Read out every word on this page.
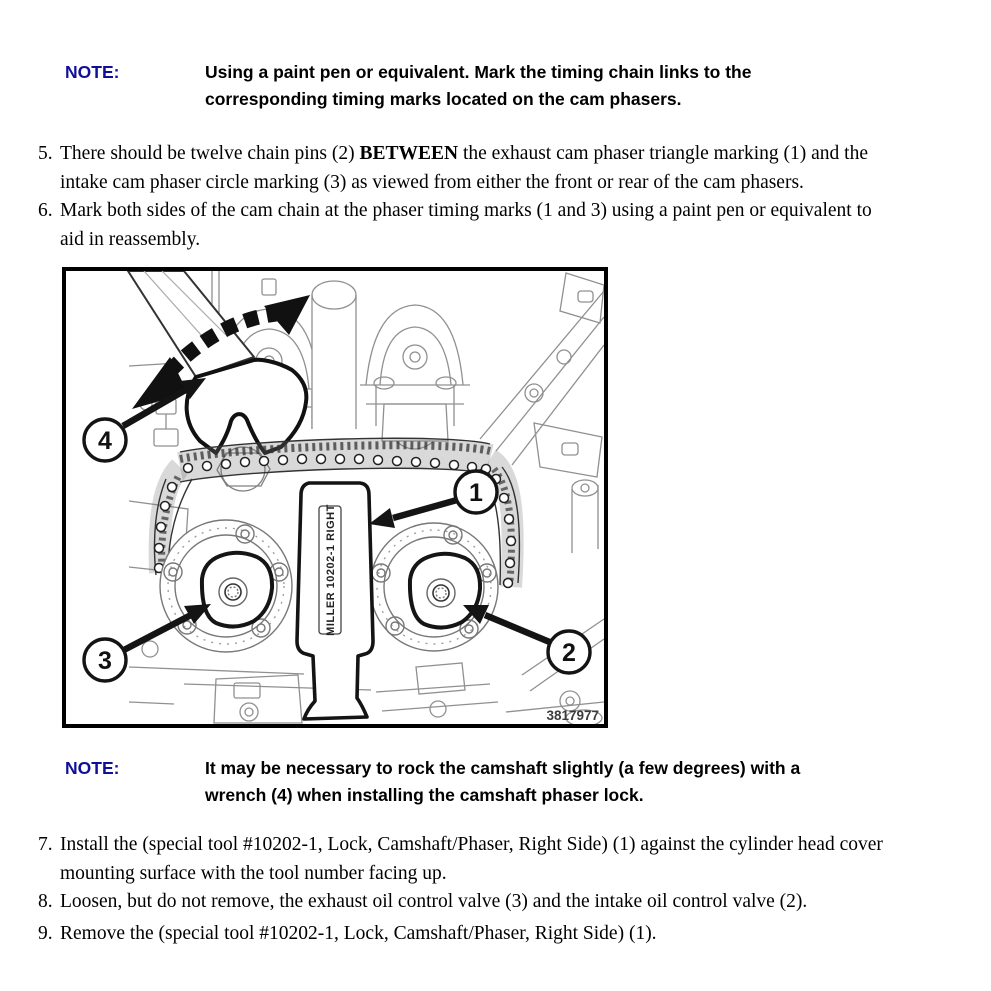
NOTE:	Using a paint pen or equivalent. Mark the timing chain links to the
corresponding timing marks located on the cam phasers.
5. There should be twelve chain pins (2) BETWEEN the exhaust cam phaser triangle marking (1) and the
intake cam phaser circle marking (3) as viewed from either the front or rear of the cam phasers.
6. Mark both sides of the cam chain at the phaser timing marks (1 and 3) using a paint pen or equivalent to
aid in reassembly.
MILLER 10202-1 RIGHT
4
1
3	2
3817977
NOTE:	It may be necessary to rock the camshaft slightly (a few degrees) with a
wrench (4) when installing the camshaft phaser lock.
7. Install the (special tool #10202-1, Lock, Camshaft/Phaser, Right Side) (1) against the cylinder head cover
mounting surface with the tool number facing up.
8. Loosen, but do not remove, the exhaust oil control valve (3) and the intake oil control valve (2).
9. Remove the (special tool #10202-1, Lock, Camshaft/Phaser, Right Side) (1).
